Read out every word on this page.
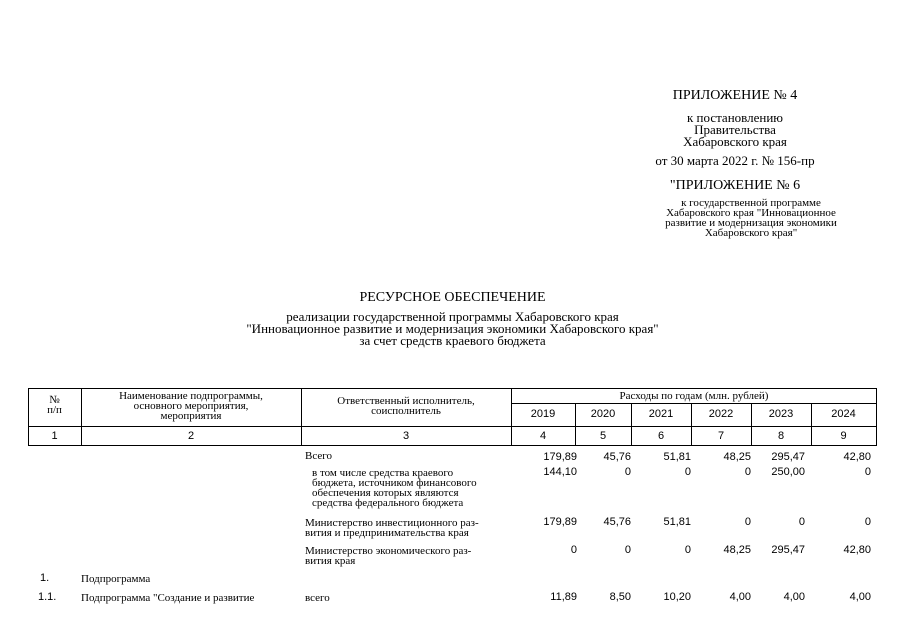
ПРИЛОЖЕНИЕ № 4
к постановлению
Правительства
Хабаровского края
от 30 марта 2022 г. № 156-пр
"ПРИЛОЖЕНИЕ № 6
к государственной программе
Хабаровского края "Инновационное
развитие и модернизация экономики
Хабаровского края"
РЕСУРСНОЕ ОБЕСПЕЧЕНИЕ
реализации государственной программы Хабаровского края
"Инновационное развитие и модернизация экономики Хабаровского края"
за счет средств краевого бюджета
№
п/п
Наименование подпрограммы,
основного мероприятия,
мероприятия
Ответственный исполнитель,
соисполнитель
Расходы по годам (млн. рублей)
2019	2020	2021	2022	2023	2024
1	2	3	4	5	6	7	8	9
Всего	179,89	45,76	51,81	48,25	295,47	42,80
в том числе средства краевого
бюджета, источником финансового
обеспечения которых являются
средства федерального бюджета
144,10	0	0	0	250,00	0
Министерство инвестиционного раз-
вития и предпринимательства края
179,89	45,76	51,81	0	0	0
Министерство экономического раз-
вития края
0	0	0	48,25	295,47	42,80
1.	Подпрограмма
1.1.	Подпрограмма "Создание и развитие	всего	11,89	8,50	10,20	4,00	4,00	4,00
